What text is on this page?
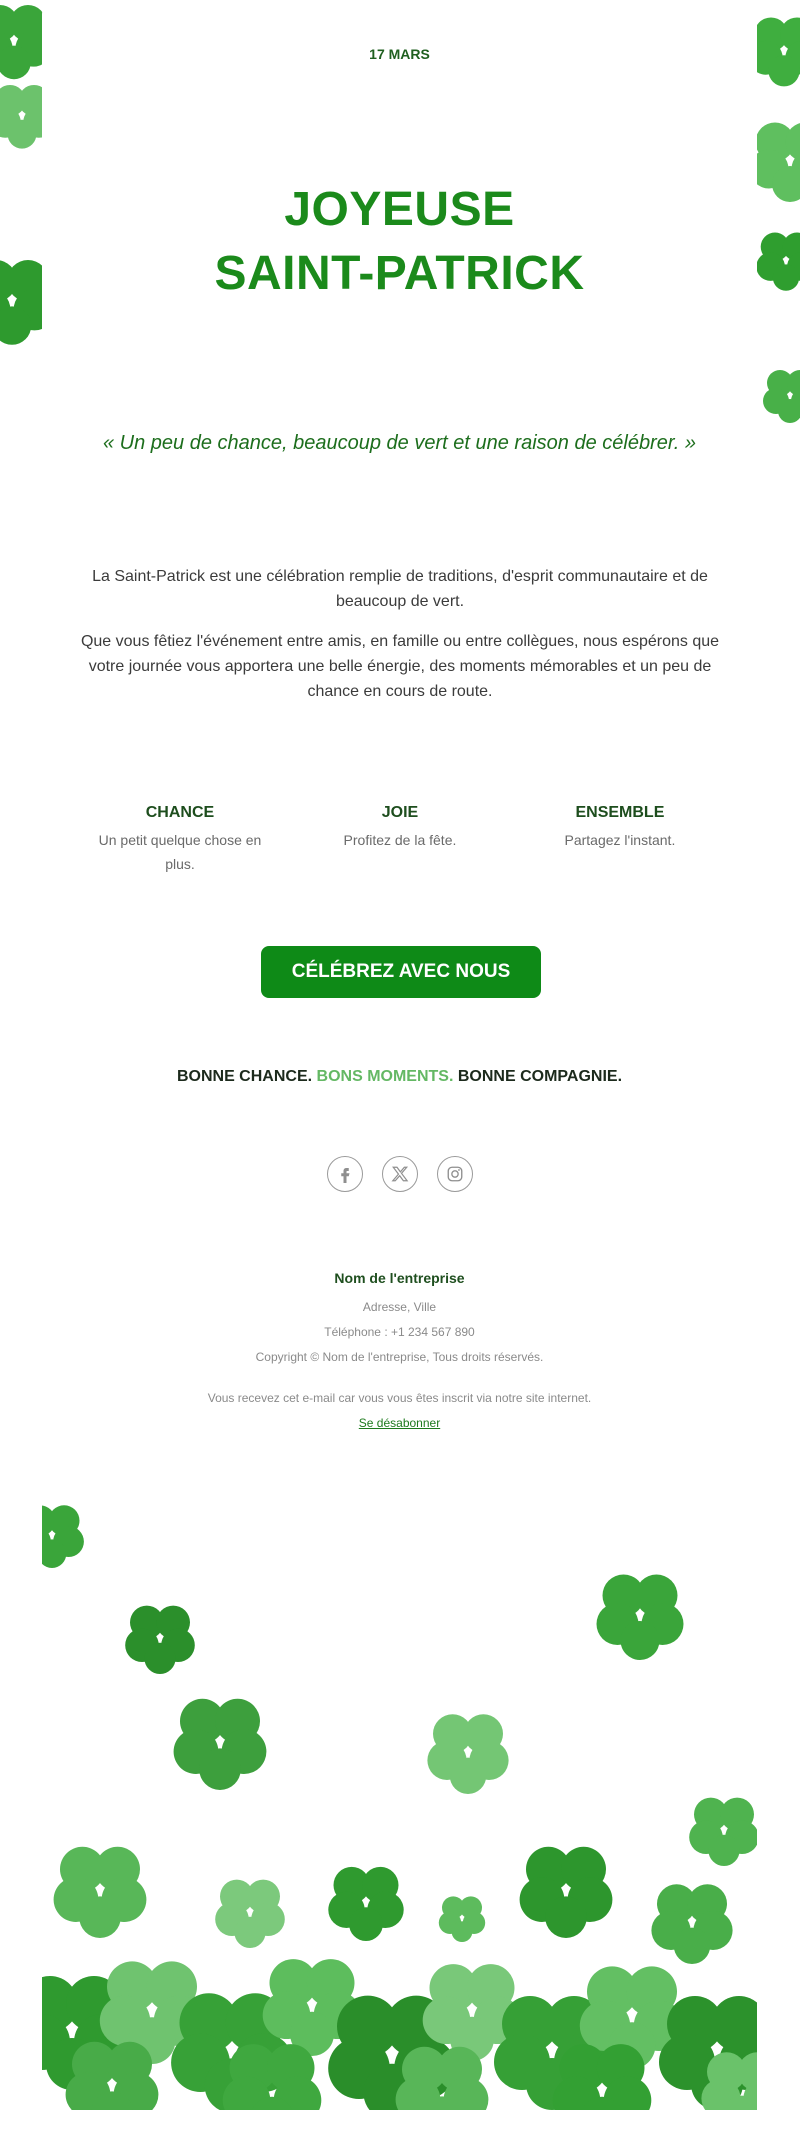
17 MARS
JOYEUSE
SAINT-PATRICK
« Un peu de chance, beaucoup de vert et une raison de célébrer. »

La Saint-Patrick est une célébration remplie de traditions, d'esprit communautaire et de beaucoup de vert.

Que vous fêtiez l'événement entre amis, en famille ou entre collègues, nous espérons que votre journée vous apportera une belle énergie, des moments mémorables et un peu de chance en cours de route.

CHANCE
Un petit quelque chose en plus.
JOIE
Profitez de la fête.
ENSEMBLE
Partagez l'instant.
CÉLÉBREZ AVEC NOUS
BONNE CHANCE. BONS MOMENTS. BONNE COMPAGNIE.
Nom de l'entreprise
Adresse, Ville
Téléphone : +1 234 567 890
Copyright © Nom de l'entreprise, Tous droits réservés.
Vous recevez cet e-mail car vous vous êtes inscrit via notre site internet.
Se désabonner
